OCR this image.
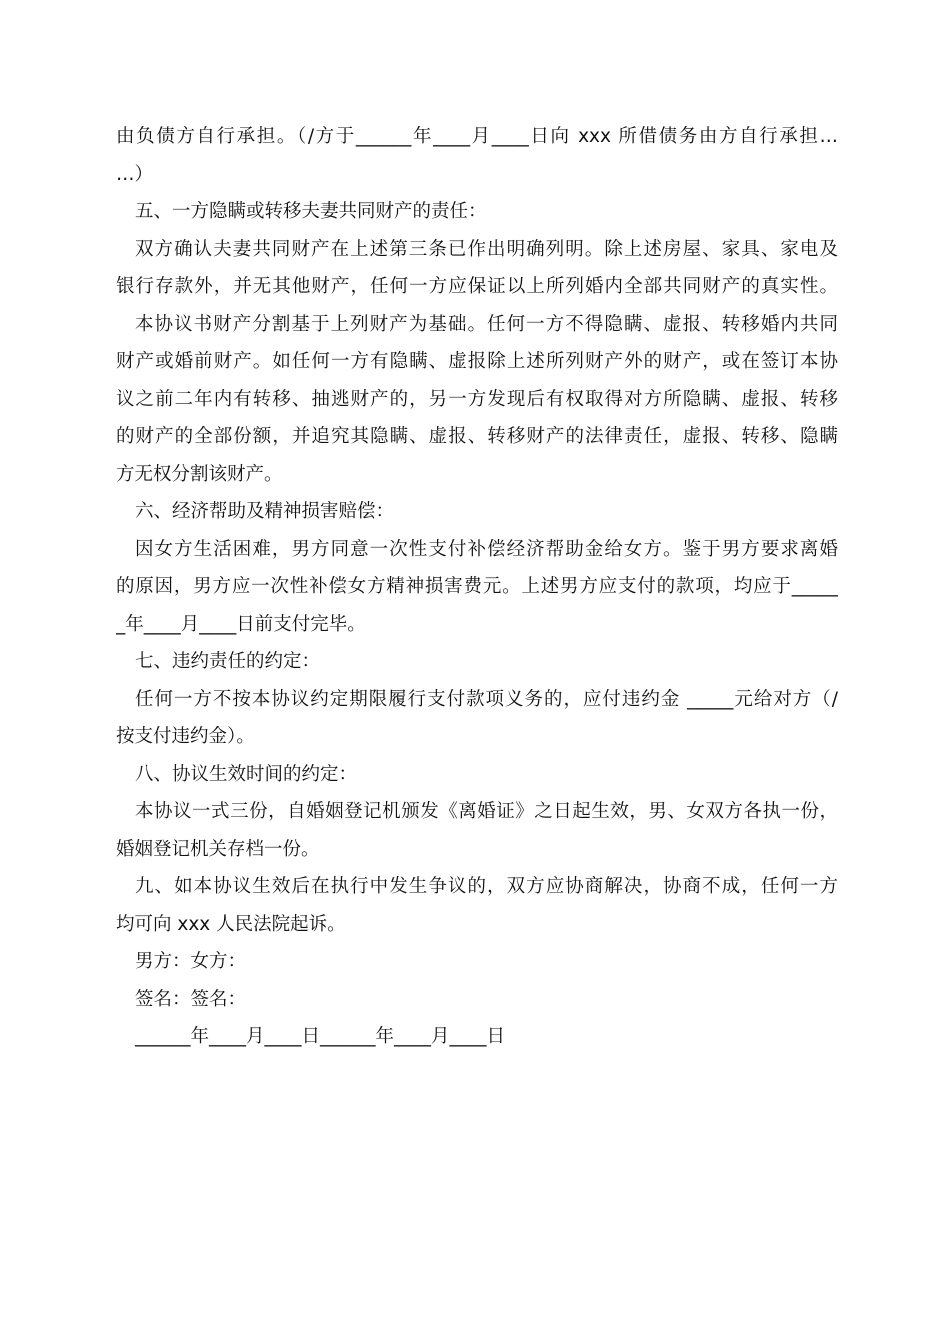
由负债方自行承担。（/方于______年____月____日向 xxx 所借债务由方自行承担…
…）
五、一方隐瞒或转移夫妻共同财产的责任：
双方确认夫妻共同财产在上述第三条已作出明确列明。除上述房屋、家具、家电及
银行存款外，并无其他财产，任何一方应保证以上所列婚内全部共同财产的真实性。
本协议书财产分割基于上列财产为基础。任何一方不得隐瞒、虚报、转移婚内共同
财产或婚前财产。如任何一方有隐瞒、虚报除上述所列财产外的财产，或在签订本协
议之前二年内有转移、抽逃财产的，另一方发现后有权取得对方所隐瞒、虚报、转移
的财产的全部份额，并追究其隐瞒、虚报、转移财产的法律责任，虚报、转移、隐瞒
方无权分割该财产。
六、经济帮助及精神损害赔偿：
因女方生活困难，男方同意一次性支付补偿经济帮助金给女方。鉴于男方要求离婚
的原因，男方应一次性补偿女方精神损害费元。上述男方应支付的款项，均应于_____
_年____月____日前支付完毕。
七、违约责任的约定：
任何一方不按本协议约定期限履行支付款项义务的，应付违约金 _____元给对方（/
按支付违约金）。
八、协议生效时间的约定：
本协议一式三份，自婚姻登记机颁发《离婚证》之日起生效，男、女双方各执一份，
婚姻登记机关存档一份。
九、如本协议生效后在执行中发生争议的，双方应协商解决，协商不成，任何一方
均可向 xxx 人民法院起诉。
男方：女方：
签名：签名：
______年____月____日______年____月____日
